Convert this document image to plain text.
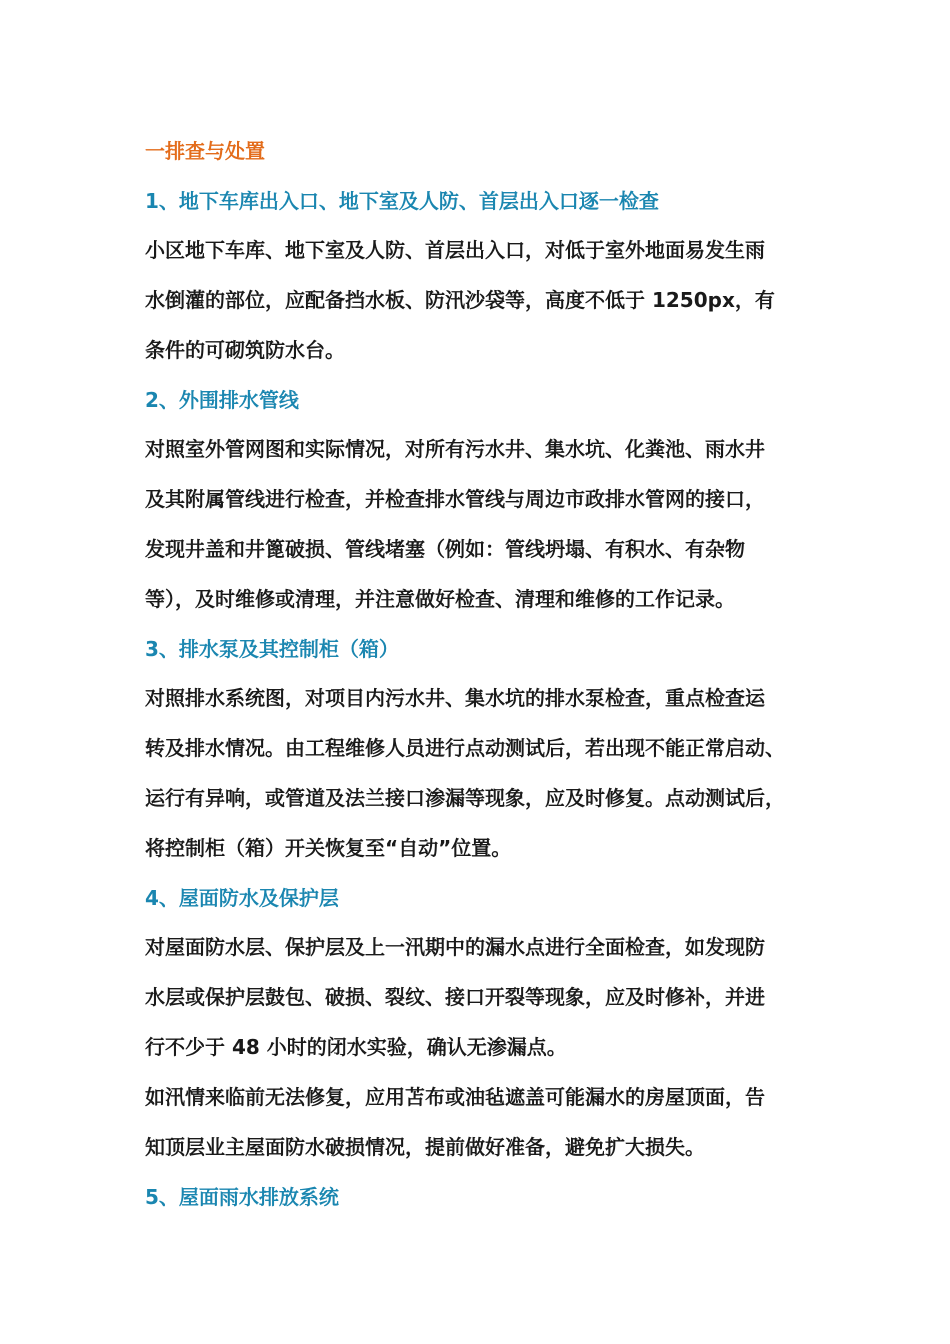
一排查与处置
1、地下车库出入口、地下室及人防、首层出入口逐一检查
小区地下车库、地下室及人防、首层出入口，对低于室外地面易发生雨
水倒灌的部位，应配备挡水板、防汛沙袋等，高度不低于 1250px，有
条件的可砌筑防水台。
2、外围排水管线
对照室外管网图和实际情况，对所有污水井、集水坑、化粪池、雨水井
及其附属管线进行检查，并检查排水管线与周边市政排水管网的接口，
发现井盖和井篦破损、管线堵塞（例如：管线坍塌、有积水、有杂物
等），及时维修或清理，并注意做好检查、清理和维修的工作记录。
3、排水泵及其控制柜（箱）
对照排水系统图，对项目内污水井、集水坑的排水泵检查，重点检查运
转及排水情况。由工程维修人员进行点动测试后，若出现不能正常启动、
运行有异响，或管道及法兰接口渗漏等现象，应及时修复。点动测试后，
将控制柜（箱）开关恢复至“自动”位置。
4、屋面防水及保护层
对屋面防水层、保护层及上一汛期中的漏水点进行全面检查，如发现防
水层或保护层鼓包、破损、裂纹、接口开裂等现象，应及时修补，并进
行不少于 48 小时的闭水实验，确认无渗漏点。
如汛情来临前无法修复，应用苫布或油毡遮盖可能漏水的房屋顶面，告
知顶层业主屋面防水破损情况，提前做好准备，避免扩大损失。
5、屋面雨水排放系统
